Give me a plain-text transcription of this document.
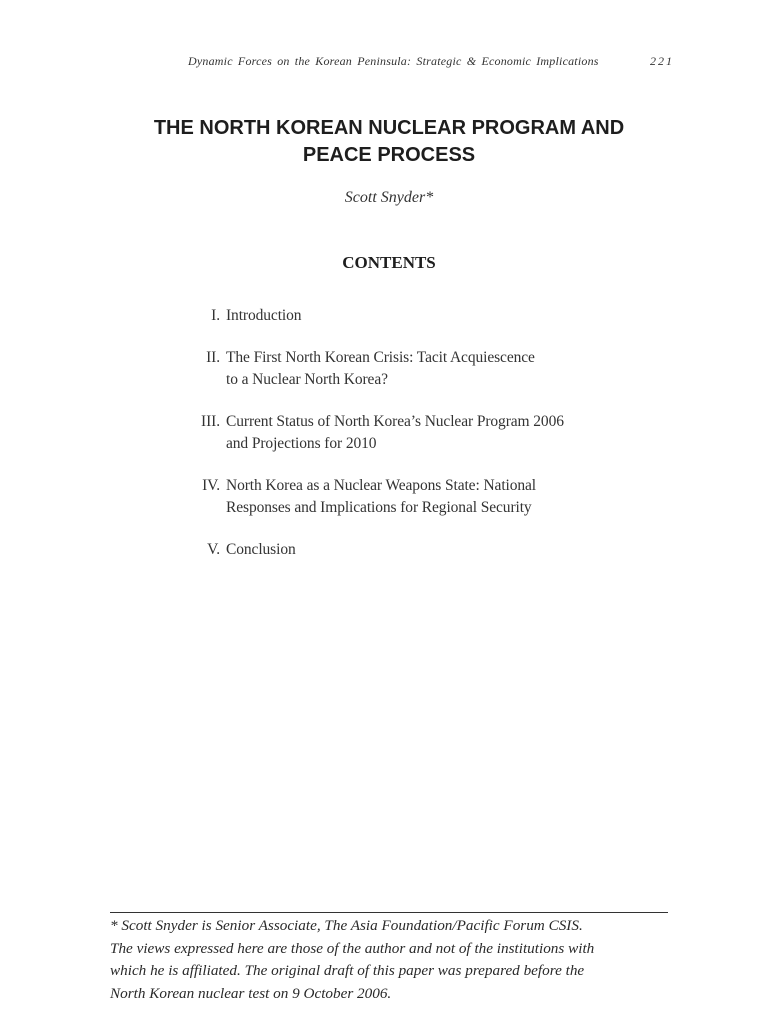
Dynamic Forces on the Korean Peninsula: Strategic & Economic Implications	221
THE NORTH KOREAN NUCLEAR PROGRAM AND
PEACE PROCESS
Scott Snyder*
CONTENTS
I. Introduction
II. The First North Korean Crisis: Tacit Acquiescence
to a Nuclear North Korea?
III. Current Status of North Korea’s Nuclear Program 2006
and Projections for 2010
IV. North Korea as a Nuclear Weapons State: National
Responses and Implications for Regional Security
V. Conclusion

* Scott Snyder is Senior Associate, The Asia Foundation/Pacific Forum CSIS.
The views expressed here are those of the author and not of the institutions with
which he is affiliated. The original draft of this paper was prepared before the
North Korean nuclear test on 9 October 2006.
